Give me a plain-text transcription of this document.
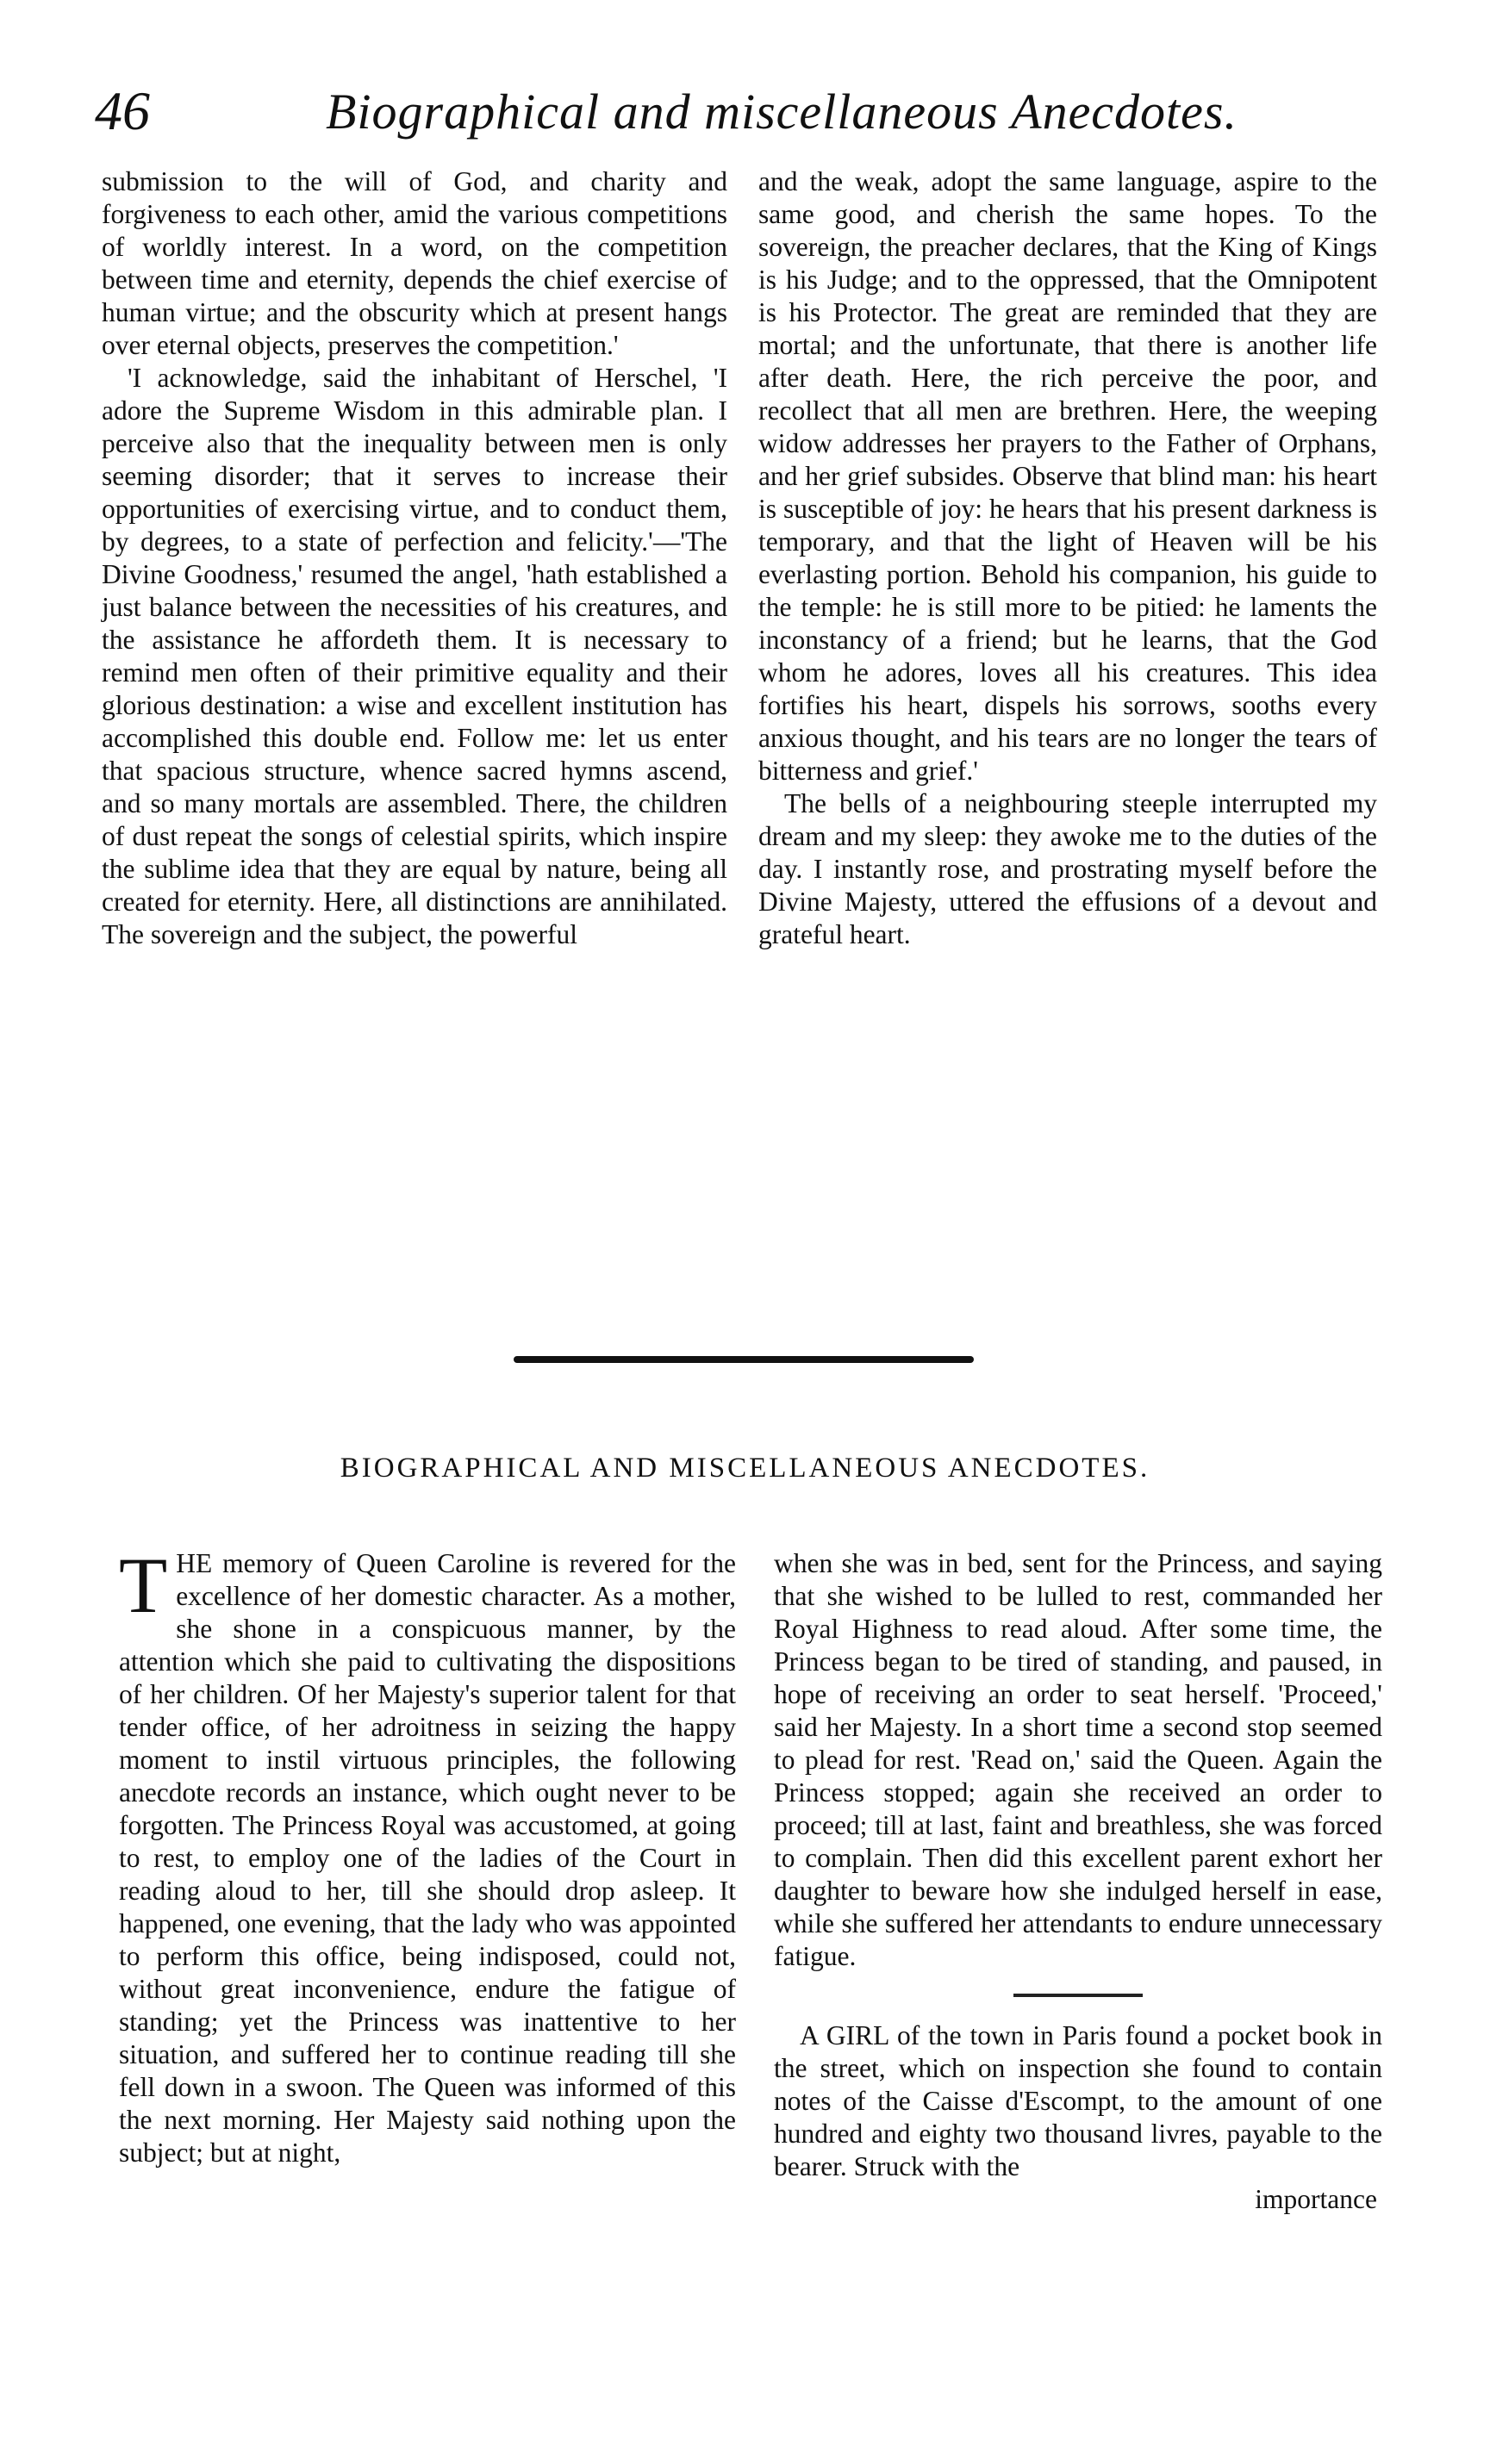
46	Biographical and miscellaneous Anecdotes.

submission to the will of God, and charity and forgiveness to each other, amid the various competitions of worldly interest. In a word, on the competition between time and eternity, depends the chief exercise of human virtue; and the obscurity which at present hangs over eternal objects, preserves the competition.'

'I acknowledge, said the inhabitant of Herschel, 'I adore the Supreme Wisdom in this admirable plan. I perceive also that the inequality between men is only seeming disorder; that it serves to increase their opportunities of exercising virtue, and to conduct them, by degrees, to a state of perfection and felicity.'—'The Divine Goodness,' resumed the angel, 'hath established a just balance between the necessities of his creatures, and the assistance he affordeth them. It is necessary to remind men often of their primitive equality and their glorious destination: a wise and excellent institution has accomplished this double end. Follow me: let us enter that spacious structure, whence sacred hymns ascend, and so many mortals are assembled. There, the children of dust repeat the songs of celestial spirits, which inspire the sublime idea that they are equal by nature, being all created for eternity. Here, all distinctions are annihilated. The sovereign and the subject, the powerful

and the weak, adopt the same language, aspire to the same good, and cherish the same hopes. To the sovereign, the preacher declares, that the King of Kings is his Judge; and to the oppressed, that the Omnipotent is his Protector. The great are reminded that they are mortal; and the unfortunate, that there is another life after death. Here, the rich perceive the poor, and recollect that all men are brethren. Here, the weeping widow addresses her prayers to the Father of Orphans, and her grief subsides. Observe that blind man: his heart is susceptible of joy: he hears that his present darkness is temporary, and that the light of Heaven will be his everlasting portion. Behold his companion, his guide to the temple: he is still more to be pitied: he laments the inconstancy of a friend; but he learns, that the God whom he adores, loves all his creatures. This idea fortifies his heart, dispels his sorrows, sooths every anxious thought, and his tears are no longer the tears of bitterness and grief.'

The bells of a neighbouring steeple interrupted my dream and my sleep: they awoke me to the duties of the day. I instantly rose, and prostrating myself before the Divine Majesty, uttered the effusions of a devout and grateful heart.

BIOGRAPHICAL AND MISCELLANEOUS ANECDOTES.

THE memory of Queen Caroline is revered for the excellence of her domestic character. As a mother, she shone in a conspicuous manner, by the attention which she paid to cultivating the dispositions of her children. Of her Majesty's superior talent for that tender office, of her adroitness in seizing the happy moment to instil virtuous principles, the following anecdote records an instance, which ought never to be forgotten. The Princess Royal was accustomed, at going to rest, to employ one of the ladies of the Court in reading aloud to her, till she should drop asleep. It happened, one evening, that the lady who was appointed to perform this office, being indisposed, could not, without great inconvenience, endure the fatigue of standing; yet the Princess was inattentive to her situation, and suffered her to continue reading till she fell down in a swoon. The Queen was informed of this the next morning. Her Majesty said nothing upon the subject; but at night,

when she was in bed, sent for the Princess, and saying that she wished to be lulled to rest, commanded her Royal Highness to read aloud. After some time, the Princess began to be tired of standing, and paused, in hope of receiving an order to seat herself. 'Proceed,' said her Majesty. In a short time a second stop seemed to plead for rest. 'Read on,' said the Queen. Again the Princess stopped; again she received an order to proceed; till at last, faint and breathless, she was forced to complain. Then did this excellent parent exhort her daughter to beware how she indulged herself in ease, while she suffered her attendants to endure unnecessary fatigue.

A GIRL of the town in Paris found a pocket book in the street, which on inspection she found to contain notes of the Caisse d'Escompt, to the amount of one hundred and eighty two thousand livres, payable to the bearer. Struck with the

importance
